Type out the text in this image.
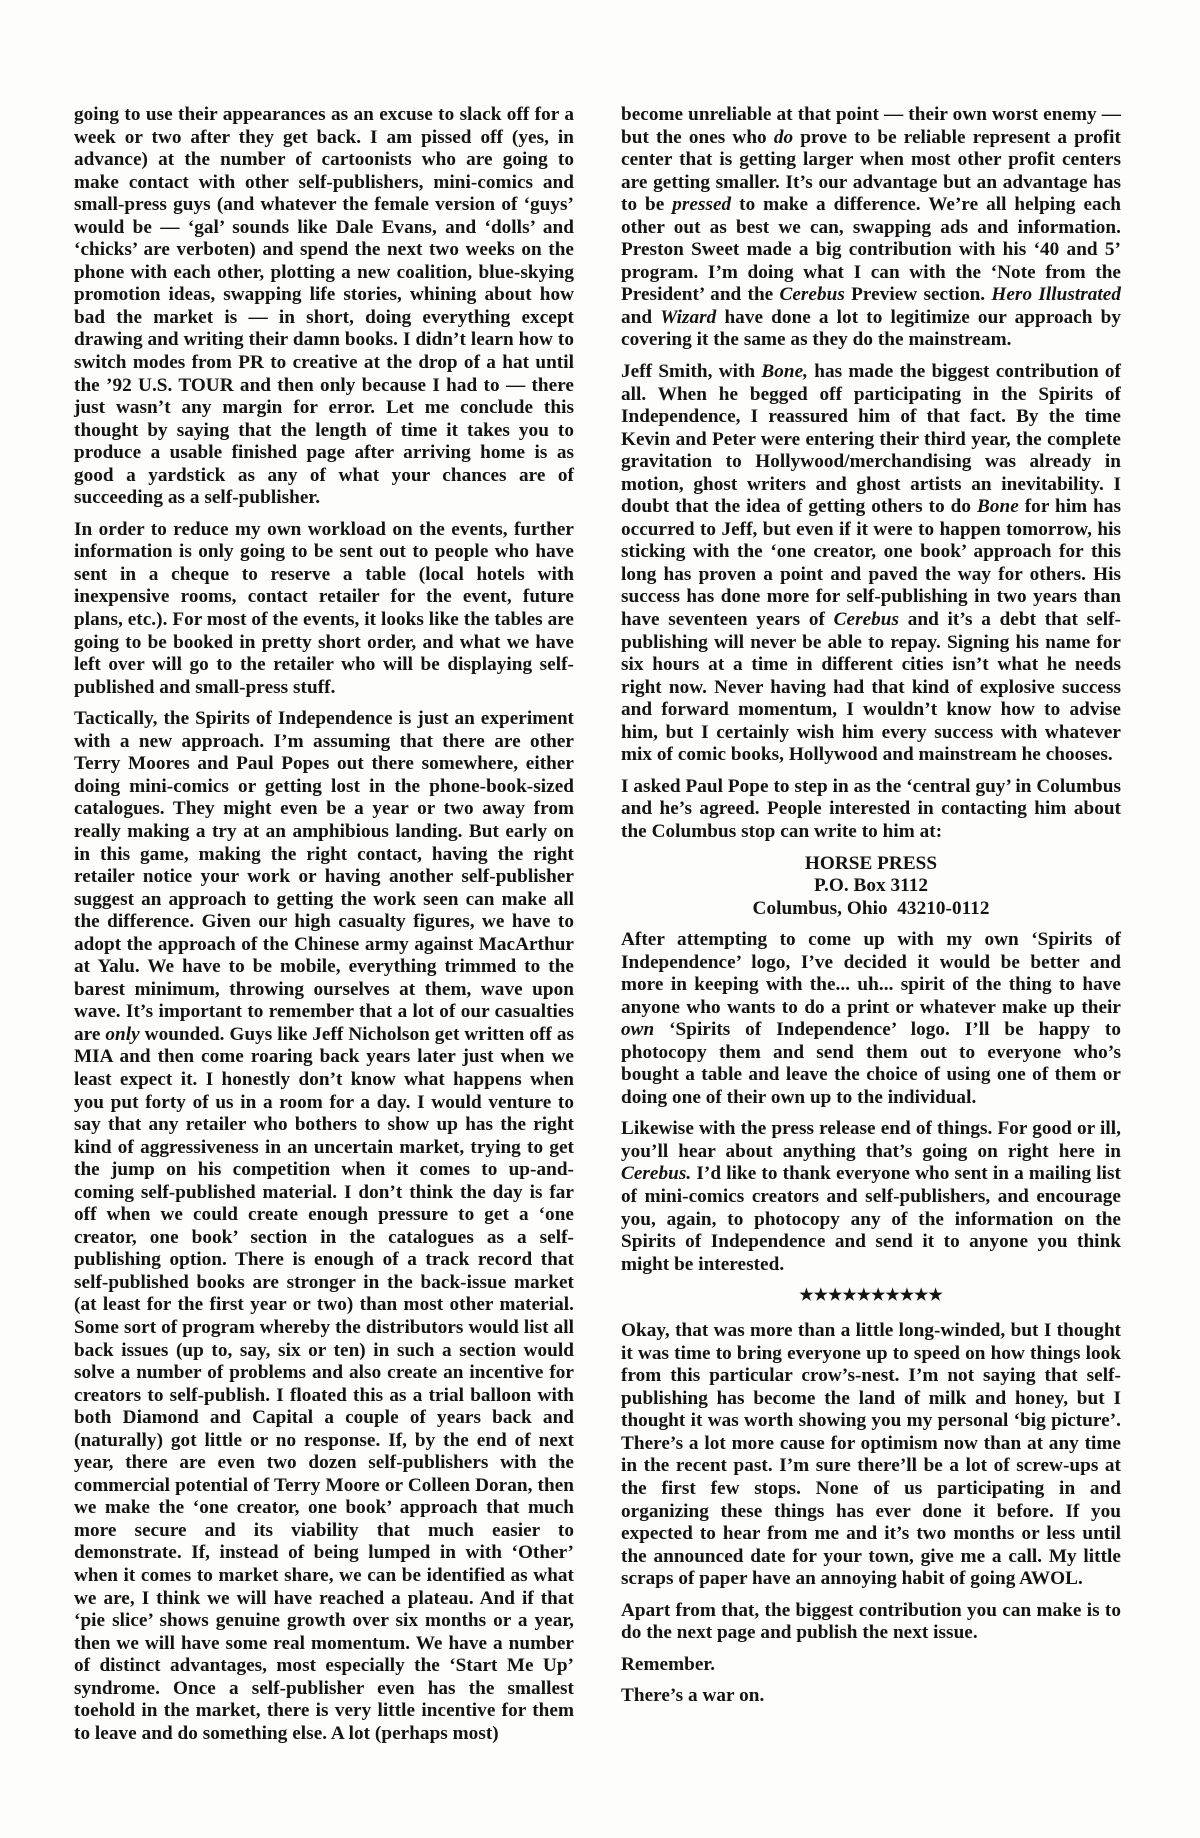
going to use their appearances as an excuse to slack off for a week or two after they get back. I am pissed off (yes, in advance) at the number of cartoonists who are going to make contact with other self-publishers, mini-comics and small-press guys (and whatever the female version of ‘guys’ would be — ‘gal’ sounds like Dale Evans, and ‘dolls’ and ‘chicks’ are verboten) and spend the next two weeks on the phone with each other, plotting a new coalition, blue-skying promotion ideas, swapping life stories, whining about how bad the market is — in short, doing everything except drawing and writing their damn books. I didn’t learn how to switch modes from PR to creative at the drop of a hat until the ’92 U.S. TOUR and then only because I had to — there just wasn’t any margin for error. Let me conclude this thought by saying that the length of time it takes you to produce a usable finished page after arriving home is as good a yardstick as any of what your chances are of succeeding as a self-publisher.

In order to reduce my own workload on the events, further information is only going to be sent out to people who have sent in a cheque to reserve a table (local hotels with inexpensive rooms, contact retailer for the event, future plans, etc.). For most of the events, it looks like the tables are going to be booked in pretty short order, and what we have left over will go to the retailer who will be displaying self-published and small-press stuff.

Tactically, the Spirits of Independence is just an experiment with a new approach. I’m assuming that there are other Terry Moores and Paul Popes out there somewhere, either doing mini-comics or getting lost in the phone-book-sized catalogues. They might even be a year or two away from really making a try at an amphibious landing. But early on in this game, making the right contact, having the right retailer notice your work or having another self-publisher suggest an approach to getting the work seen can make all the difference. Given our high casualty figures, we have to adopt the approach of the Chinese army against MacArthur at Yalu. We have to be mobile, everything trimmed to the barest minimum, throwing ourselves at them, wave upon wave. It’s important to remember that a lot of our casualties are only wounded. Guys like Jeff Nicholson get written off as MIA and then come roaring back years later just when we least expect it. I honestly don’t know what happens when you put forty of us in a room for a day. I would venture to say that any retailer who bothers to show up has the right kind of aggressiveness in an uncertain market, trying to get the jump on his competition when it comes to up-and-coming self-published material. I don’t think the day is far off when we could create enough pressure to get a ‘one creator, one book’ section in the catalogues as a self-publishing option. There is enough of a track record that self-published books are stronger in the back-issue market (at least for the first year or two) than most other material. Some sort of program whereby the distributors would list all back issues (up to, say, six or ten) in such a section would solve a number of problems and also create an incentive for creators to self-publish. I floated this as a trial balloon with both Diamond and Capital a couple of years back and (naturally) got little or no response. If, by the end of next year, there are even two dozen self-publishers with the commercial potential of Terry Moore or Colleen Doran, then we make the ‘one creator, one book’ approach that much more secure and its viability that much easier to demonstrate. If, instead of being lumped in with ‘Other’ when it comes to market share, we can be identified as what we are, I think we will have reached a plateau. And if that ‘pie slice’ shows genuine growth over six months or a year, then we will have some real momentum. We have a number of distinct advantages, most especially the ‘Start Me Up’ syndrome. Once a self-publisher even has the smallest toehold in the market, there is very little incentive for them to leave and do something else. A lot (perhaps most)

become unreliable at that point — their own worst enemy — but the ones who do prove to be reliable represent a profit center that is getting larger when most other profit centers are getting smaller. It’s our advantage but an advantage has to be pressed to make a difference. We’re all helping each other out as best we can, swapping ads and information. Preston Sweet made a big contribution with his ‘40 and 5’ program. I’m doing what I can with the ‘Note from the President’ and the Cerebus Preview section. Hero Illustrated and Wizard have done a lot to legitimize our approach by covering it the same as they do the mainstream.

Jeff Smith, with Bone, has made the biggest contribution of all. When he begged off participating in the Spirits of Independence, I reassured him of that fact. By the time Kevin and Peter were entering their third year, the complete gravitation to Hollywood/merchandising was already in motion, ghost writers and ghost artists an inevitability. I doubt that the idea of getting others to do Bone for him has occurred to Jeff, but even if it were to happen tomorrow, his sticking with the ‘one creator, one book’ approach for this long has proven a point and paved the way for others. His success has done more for self-publishing in two years than have seventeen years of Cerebus and it’s a debt that self-publishing will never be able to repay. Signing his name for six hours at a time in different cities isn’t what he needs right now. Never having had that kind of explosive success and forward momentum, I wouldn’t know how to advise him, but I certainly wish him every success with whatever mix of comic books, Hollywood and mainstream he chooses.

I asked Paul Pope to step in as the ‘central guy’ in Columbus and he’s agreed. People interested in contacting him about the Columbus stop can write to him at:

HORSE PRESS
P.O. Box 3112
Columbus, Ohio  43210-0112

After attempting to come up with my own ‘Spirits of Independence’ logo, I’ve decided it would be better and more in keeping with the... uh... spirit of the thing to have anyone who wants to do a print or whatever make up their own ‘Spirits of Independence’ logo. I’ll be happy to photocopy them and send them out to everyone who’s bought a table and leave the choice of using one of them or doing one of their own up to the individual.

Likewise with the press release end of things. For good or ill, you’ll hear about anything that’s going on right here in Cerebus. I’d like to thank everyone who sent in a mailing list of mini-comics creators and self-publishers, and encourage you, again, to photocopy any of the information on the Spirits of Independence and send it to anyone you think might be interested.

★★★★★★★★★★

Okay, that was more than a little long-winded, but I thought it was time to bring everyone up to speed on how things look from this particular crow’s-nest. I’m not saying that self-publishing has become the land of milk and honey, but I thought it was worth showing you my personal ‘big picture’. There’s a lot more cause for optimism now than at any time in the recent past. I’m sure there’ll be a lot of screw-ups at the first few stops. None of us participating in and organizing these things has ever done it before. If you expected to hear from me and it’s two months or less until the announced date for your town, give me a call. My little scraps of paper have an annoying habit of going AWOL.

Apart from that, the biggest contribution you can make is to do the next page and publish the next issue.

Remember.

There’s a war on.
